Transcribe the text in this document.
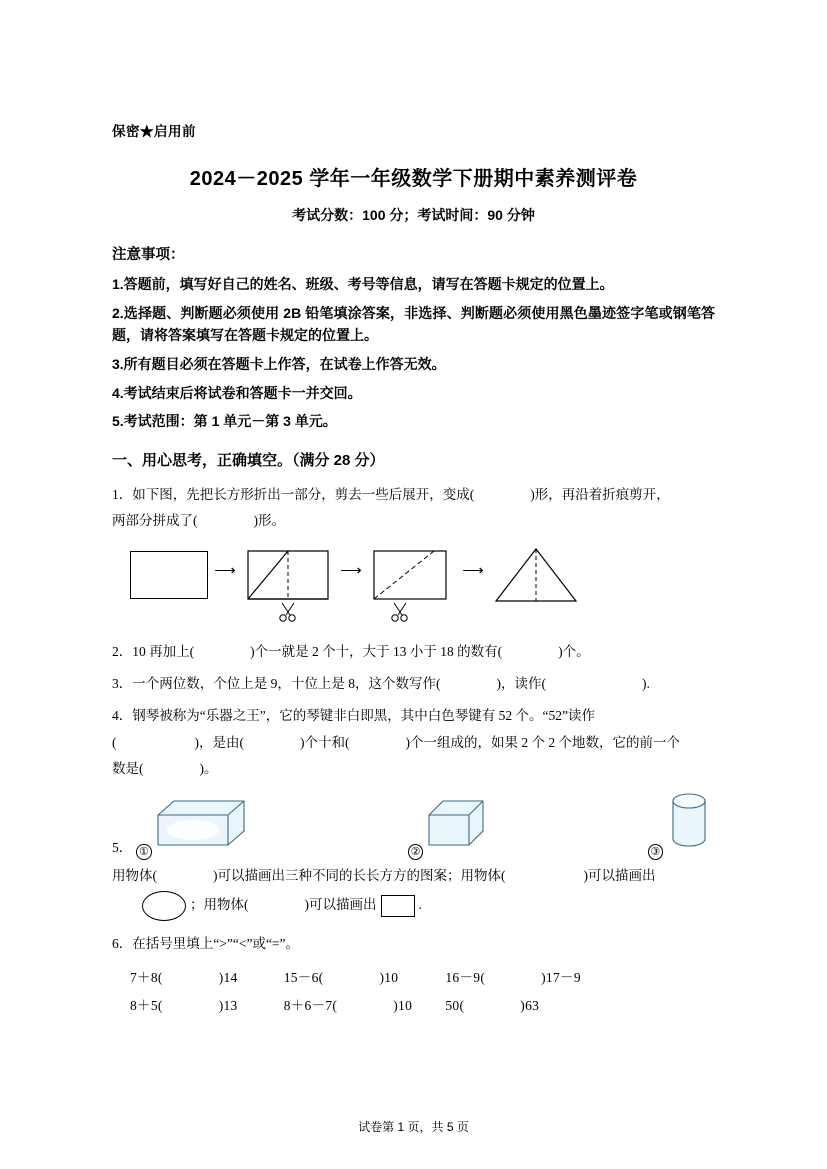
保密★启用前
2024－2025 学年一年级数学下册期中素养测评卷
考试分数：100 分；考试时间：90 分钟
注意事项：
1.答题前，填写好自己的姓名、班级、考号等信息，请写在答题卡规定的位置上。
2.选择题、判断题必须使用 2B 铅笔填涂答案，非选择、判断题必须使用黑色墨迹签字笔或钢笔答题，请将答案填写在答题卡规定的位置上。
3.所有题目必须在答题卡上作答，在试卷上作答无效。
4.考试结束后将试卷和答题卡一并交回。
5.考试范围：第 1 单元－第 3 单元。
一、用心思考，正确填空。（满分 28 分）
1．如下图，先把长方形折出一部分，剪去一些后展开，变成(	)形，再沿着折痕剪开，
两部分拼成了(	)形。
⟶	⟶	⟶
2．10 再加上(	)个一就是 2 个十，大于 13 小于 18 的数有(	)个。
3．一个两位数，个位上是 9，十位上是 8，这个数写作(	)，读作(	).
4．钢琴被称为“乐器之王”，它的琴键非白即黑，其中白色琴键有 52 个。“52”读作
(	)，是由(	)个十和(	)个一组成的，如果 2 个 2 个地数，它的前一个
数是(	)。
5． ①	②	③
用物体(	)可以描画出三种不同的长长方方的图案；用物体(	)可以描画出
；用物体(	)可以描画出	.
6．在括号里填上“>”“<”或“=”。
7＋8(	)14	15－6(	)10	16－9(	)17－9
8＋5(	)13	8＋6－7(	)10 50(	)63
试卷第 1 页，共 5 页
